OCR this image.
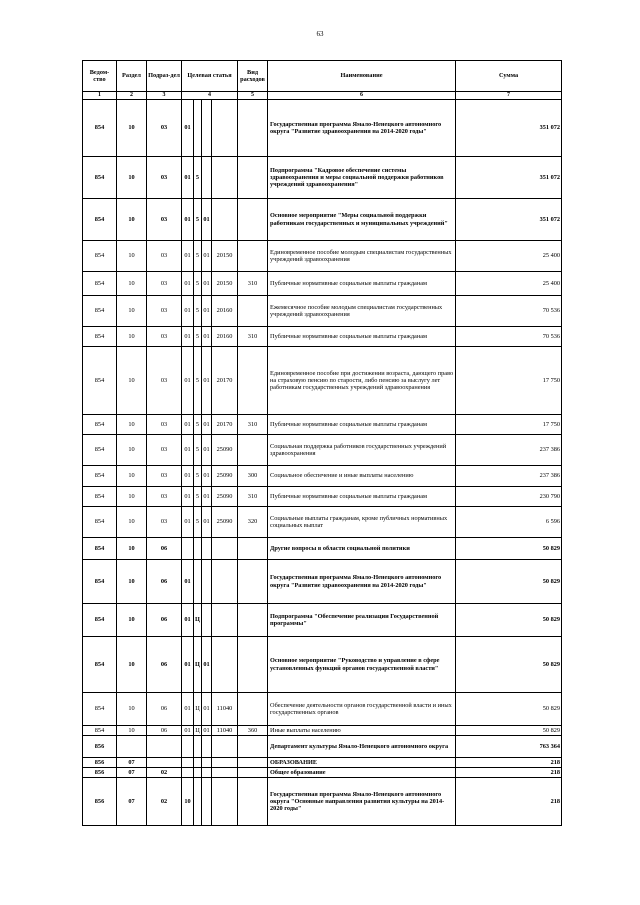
63
Ведом-ство	Раздел	Подраз-дел	Целевая статья				Вид расходов	Наименование	Сумма
1	2	3	4				5	6	7
854	10	03	01					Государственная программа Ямало-Ненецкого автономного округа "Развитие здравоохранения на 2014-2020 годы"	351 072
854	10	03	01	5				Подпрограмма "Кадровое обеспечение системы здравоохранения и меры социальной поддержки работников учреждений здравоохранения"	351 072
854	10	03	01	5	01			Основное мероприятие "Меры социальной поддержки работникам государственных и муниципальных учреждений"	351 072
854	10	03	01	5	01	20150		Единовременное пособие молодым специалистам государственных учреждений здравоохранения	25 400
854	10	03	01	5	01	20150	310	Публичные нормативные социальные выплаты гражданам	25 400
854	10	03	01	5	01	20160		Ежемесячное пособие молодым специалистам государственных учреждений здравоохранения	70 536
854	10	03	01	5	01	20160	310	Публичные нормативные социальные выплаты гражданам	70 536
854	10	03	01	5	01	20170		Единовременное пособие при достижении возраста, дающего право на страховую пенсию по старости, либо пенсию за выслугу лет работникам государственных учреждений здравоохранения	17 750
854	10	03	01	5	01	20170	310	Публичные нормативные социальные выплаты гражданам	17 750
854	10	03	01	5	01	25090		Социальная поддержка работников государственных учреждений здравоохранения	237 386
854	10	03	01	5	01	25090	300	Социальное обеспечение и иные выплаты населению	237 386
854	10	03	01	5	01	25090	310	Публичные нормативные социальные выплаты гражданам	230 790
854	10	03	01	5	01	25090	320	Социальные выплаты гражданам, кроме публичных нормативных социальных выплат	6 596
854	10	06						Другие вопросы в области социальной политики	50 829
854	10	06	01					Государственная программа Ямало-Ненецкого автономного округа "Развитие здравоохранения на 2014-2020 годы"	50 829
854	10	06	01	Ц				Подпрограмма "Обеспечение реализации Государственной программы"	50 829
854	10	06	01	Ц	01			Основное мероприятие "Руководство и управление в сфере установленных функций органов государственной власти"	50 829
854	10	06	01	Ц	01	11040		Обеспечение деятельности органов государственной власти и иных государственных органов	50 829
854	10	06	01	Ц	01	11040	360	Иные выплаты населению	50 829
856								Департамент культуры Ямало-Ненецкого автономного округа	763 364
856	07							ОБРАЗОВАНИЕ	218
856	07	02						Общее образование	218
856	07	02	10					Государственная программа Ямало-Ненецкого автономного округа "Основные направления развития культуры на 2014-2020 годы"	218
